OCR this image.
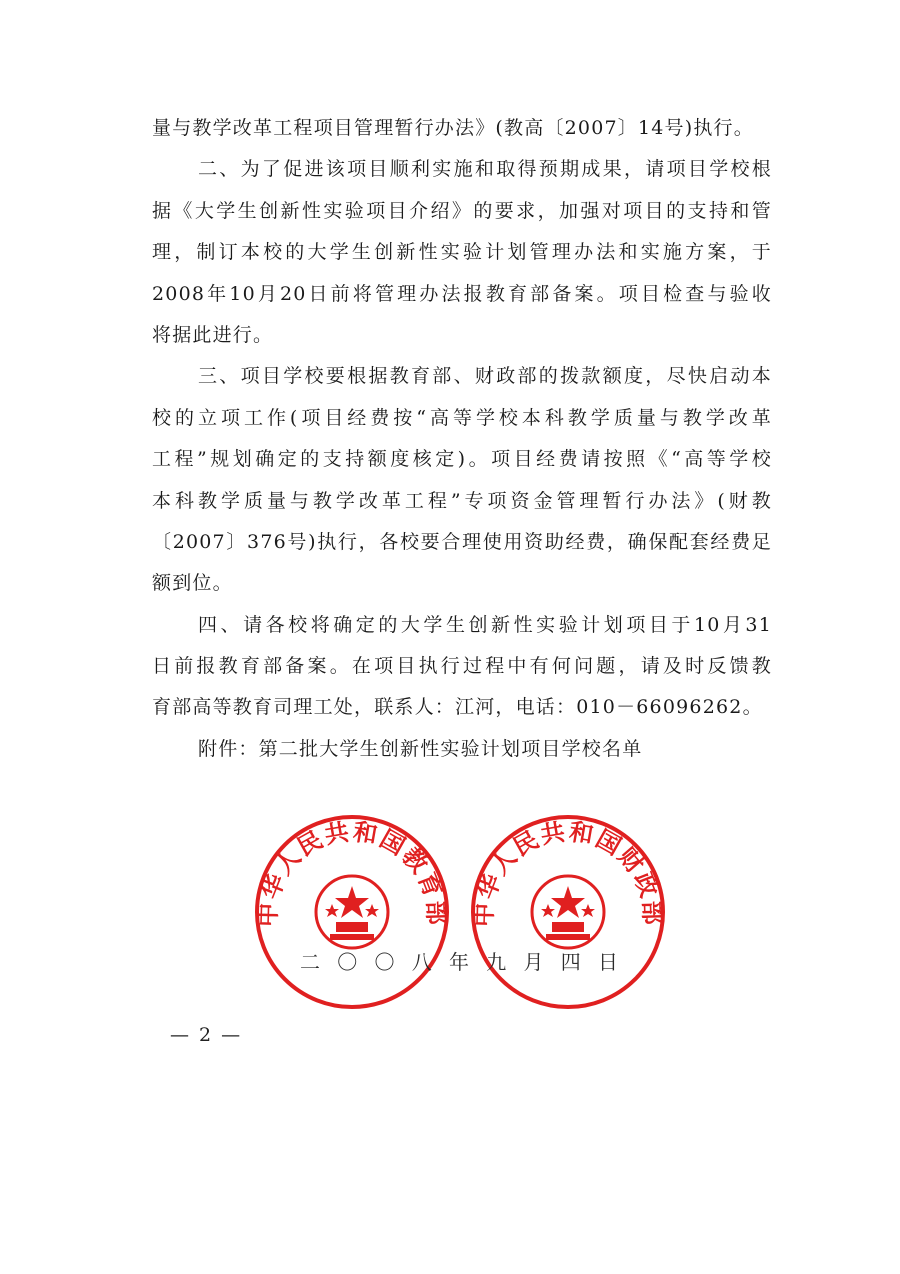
量与教学改革工程项目管理暂行办法》(教高〔2007〕14号)执行。
二、为了促进该项目顺利实施和取得预期成果，请项目学校根
据《大学生创新性实验项目介绍》的要求，加强对项目的支持和管
理，制订本校的大学生创新性实验计划管理办法和实施方案，于
2008年10月20日前将管理办法报教育部备案。项目检查与验收
将据此进行。
三、项目学校要根据教育部、财政部的拨款额度，尽快启动本
校的立项工作(项目经费按“高等学校本科教学质量与教学改革
工程”规划确定的支持额度核定)。项目经费请按照《“高等学校
本科教学质量与教学改革工程”专项资金管理暂行办法》(财教
〔2007〕376号)执行，各校要合理使用资助经费，确保配套经费足
额到位。
四、请各校将确定的大学生创新性实验计划项目于10月31
日前报教育部备案。在项目执行过程中有何问题，请及时反馈教
育部高等教育司理工处，联系人：江河，电话：010－66096262。
附件：第二批大学生创新性实验计划项目学校名单
中华人民共和国教育部 中华人民共和国财政部
二 〇 〇 八 年 九 月 四 日
— 2 —
